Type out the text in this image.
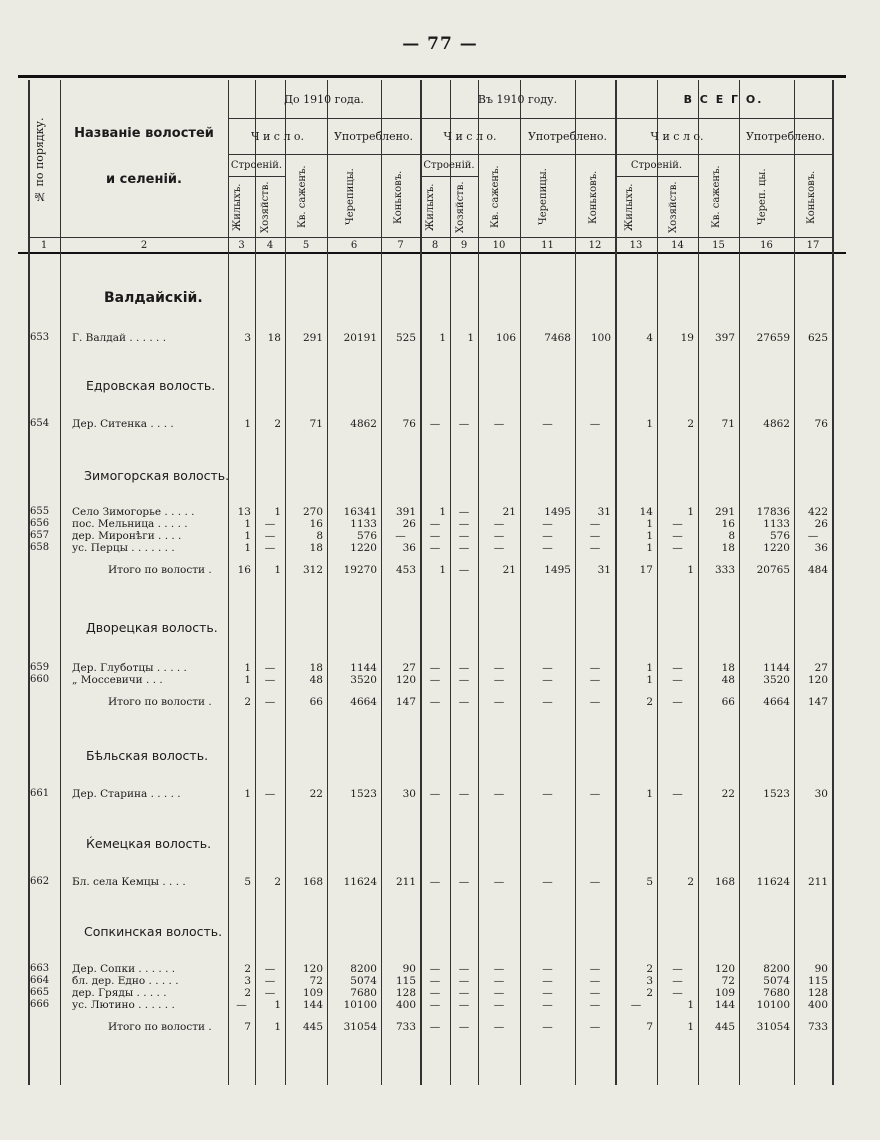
— 77 —
№ по порядку.	Названіе волостей
и селеній.
До 1910 года.	Въ 1910 году.	В С Е Г О.
Ч и с л о.	Употреблено.	Ч и с л о.	Употреблено.	Ч и с л о.	Употреблено.
Строеній.	Строеній.	Строеній.
Жилыхъ.	Хозяйств.	Кв. саженъ.	Черепицы.	Коньковъ.	Жилыхъ.	Хозяйств.	Кв. саженъ.	Черепицы.	Коньковъ.	Жилыхъ.	Хозяйств.	Кв. саженъ.	Череп. цы.	Коньковъ.
1	2	3	4	5	6	7	8	9	10	11	12	13	14	15	16	17
Валдайскій.
653 Г. Валдай . . . . . .	3	18	291	20191	525	1	1	106	7468	100	4	19	397	27659	625
Едровская волость.
654 Дер. Ситенка . . . .	1	2	71	4862	76	—	—	—	—	—	1	2	71	4862	76
Зимогорская волость.
655 Село Зимогорье . . . . .	13	1	270	16341	391	1	—	21	1495	31	14	1	291	17836	422
656 пос. Мельница . . . . .	1	—	16	1133	26	—	—	—	—	—	1	—	16	1133	26
657 дер. Миронѣги . . . .	1	—	8	576	—	—	—	—	—	—	1	—	8	576	—
658 ус. Перцы . . . . . . .	1	—	18	1220	36	—	—	—	—	—	1	—	18	1220	36
Итого по волости .	16	1	312	19270	453	1	—	21	1495	31	17	1	333	20765	484
Дворецкая волость.
659 Дер. Глуботцы . . . . .	1	—	18	1144	27	—	—	—	—	—	1	—	18	1144	27
660 „ Моссевичи . . .	1	—	48	3520	120	—	—	—	—	—	1	—	48	3520	120
Итого по волости .	2	—	66	4664	147	—	—	—	—	—	2	—	66	4664	147
Бѣльская волость.
661 Дер. Старина . . . . .	1	—	22	1523	30	—	—	—	—	—	1	—	22	1523	30
Ќемецкая волость.
662 Бл. села Кемцы . . . .	5	2	168	11624	211	—	—	—	—	—	5	2	168	11624	211
Сопкинская волость.
663 Дер. Сопки . . . . . .	2	—	120	8200	90	—	—	—	—	—	2	—	120	8200	90
664 бл. дер. Едно . . . . .	3	—	72	5074	115	—	—	—	—	—	3	—	72	5074	115
665 дер. Гряды . . . . .	2	—	109	7680	128	—	—	—	—	—	2	—	109	7680	128
666 ус. Лютино . . . . . .	—	1	144	10100	400	—	—	—	—	—	—	1	144	10100	400
Итого по волости .	7	1	445	31054	733	—	—	—	—	—	7	1	445	31054	733
